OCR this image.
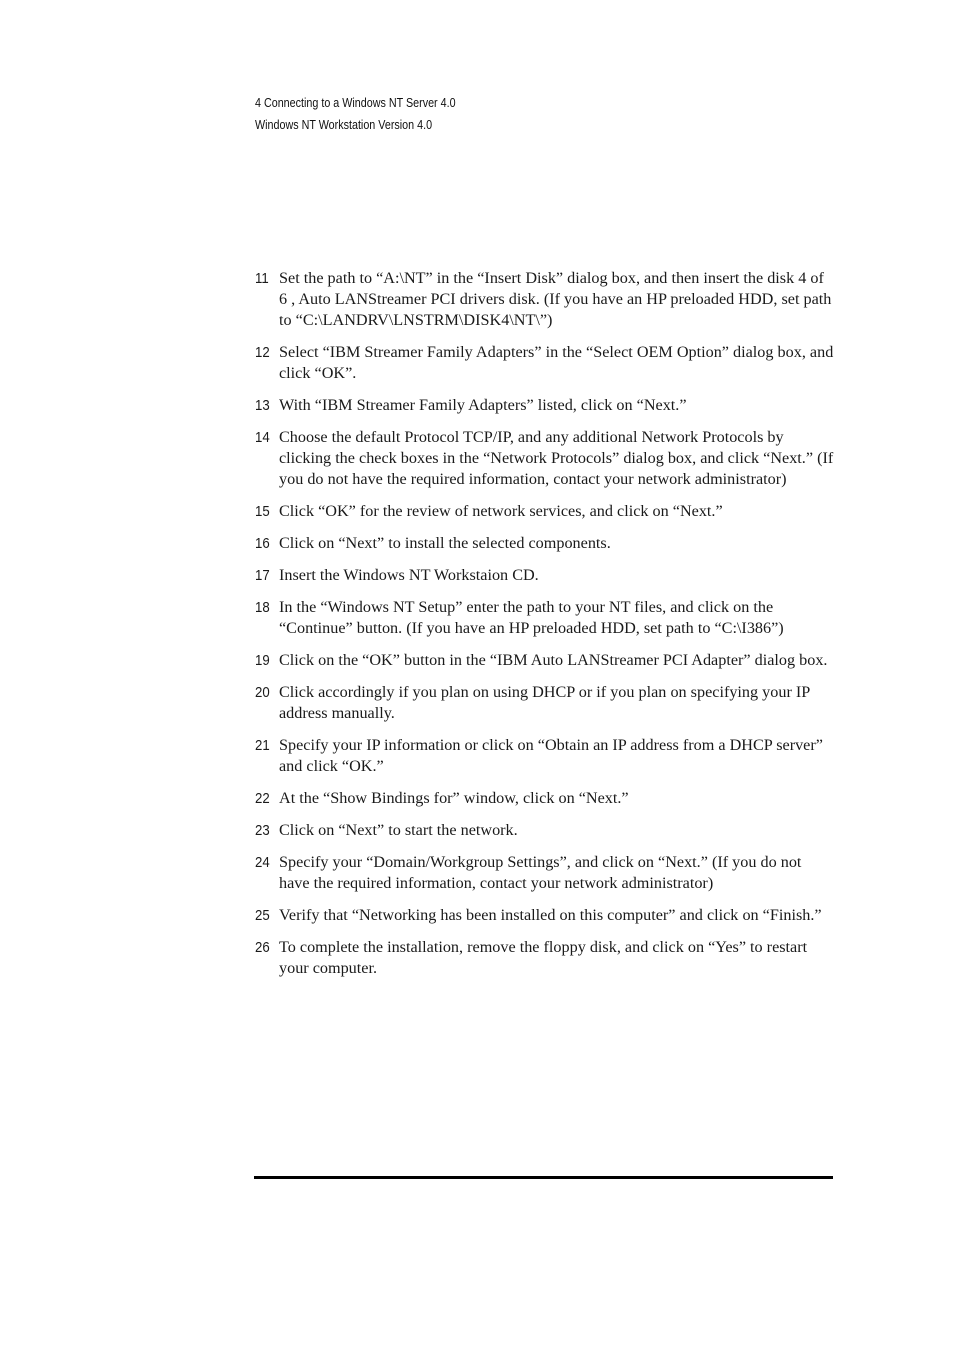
4 Connecting to a Windows NT Server 4.0
Windows NT Workstation Version 4.0
11 Set the path to “A:\NT” in the “Insert Disk” dialog box, and then insert the disk 4 of 6 , Auto LANStreamer PCI drivers disk. (If you have an HP preloaded HDD, set path to “C:\LANDRV\LNSTRM\DISK4\NT\”)
12 Select “IBM Streamer Family Adapters” in the “Select OEM Option” dialog box, and click “OK”.
13 With “IBM Streamer Family Adapters” listed, click on “Next.”
14 Choose the default Protocol TCP/IP, and any additional Network Protocols by clicking the check boxes in the “Network Protocols” dialog box, and click “Next.” (If you do not have the required information, contact your network administrator)
15 Click “OK” for the review of network services, and click on “Next.”
16 Click on “Next” to install the selected components.
17 Insert the Windows NT Workstaion CD.
18 In the “Windows NT Setup” enter the path to your NT files, and click on the “Continue” button. (If you have an HP preloaded HDD, set path to “C:\I386”)
19 Click on the “OK” button in the “IBM Auto LANStreamer PCI Adapter” dialog box.
20 Click accordingly if you plan on using DHCP or if you plan on specifying your IP address manually.
21 Specify your IP information or click on “Obtain an IP address from a DHCP server” and click “OK.”
22 At the “Show Bindings for” window, click on “Next.”
23 Click on “Next” to start the network.
24 Specify your “Domain/Workgroup Settings”, and click on “Next.” (If you do not have the required information, contact your network administrator)
25 Verify that “Networking has been installed on this computer” and click on “Finish.”
26 To complete the installation, remove the floppy disk, and click on “Yes” to restart your computer.
